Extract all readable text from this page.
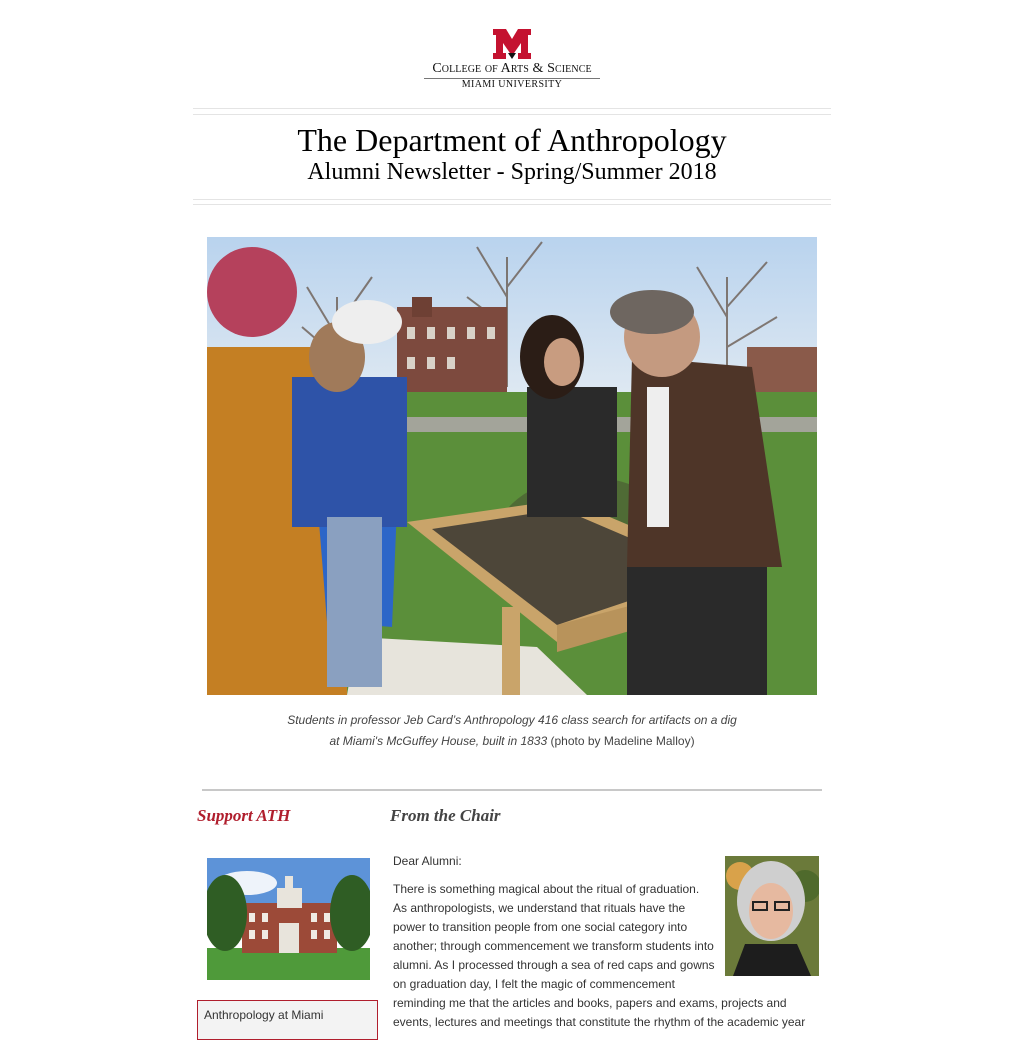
College of Arts & Science
MIAMI UNIVERSITY
The Department of Anthropology
Alumni Newsletter - Spring/Summer 2018
Students in professor Jeb Card’s Anthropology 416 class search for artifacts on a dig
at Miami's McGuffey House, built in 1833 (photo by Madeline Malloy)
Support ATH	From the Chair
Anthropology at Miami
Dear Alumni:
There is something magical about the ritual of graduation.
As anthropologists, we understand that rituals have the
power to transition people from one social category into
another; through commencement we transform students into
alumni. As I processed through a sea of red caps and gowns
on graduation day, I felt the magic of commencement
reminding me that the articles and books, papers and exams, projects and
events, lectures and meetings that constitute the rhythm of the academic year
